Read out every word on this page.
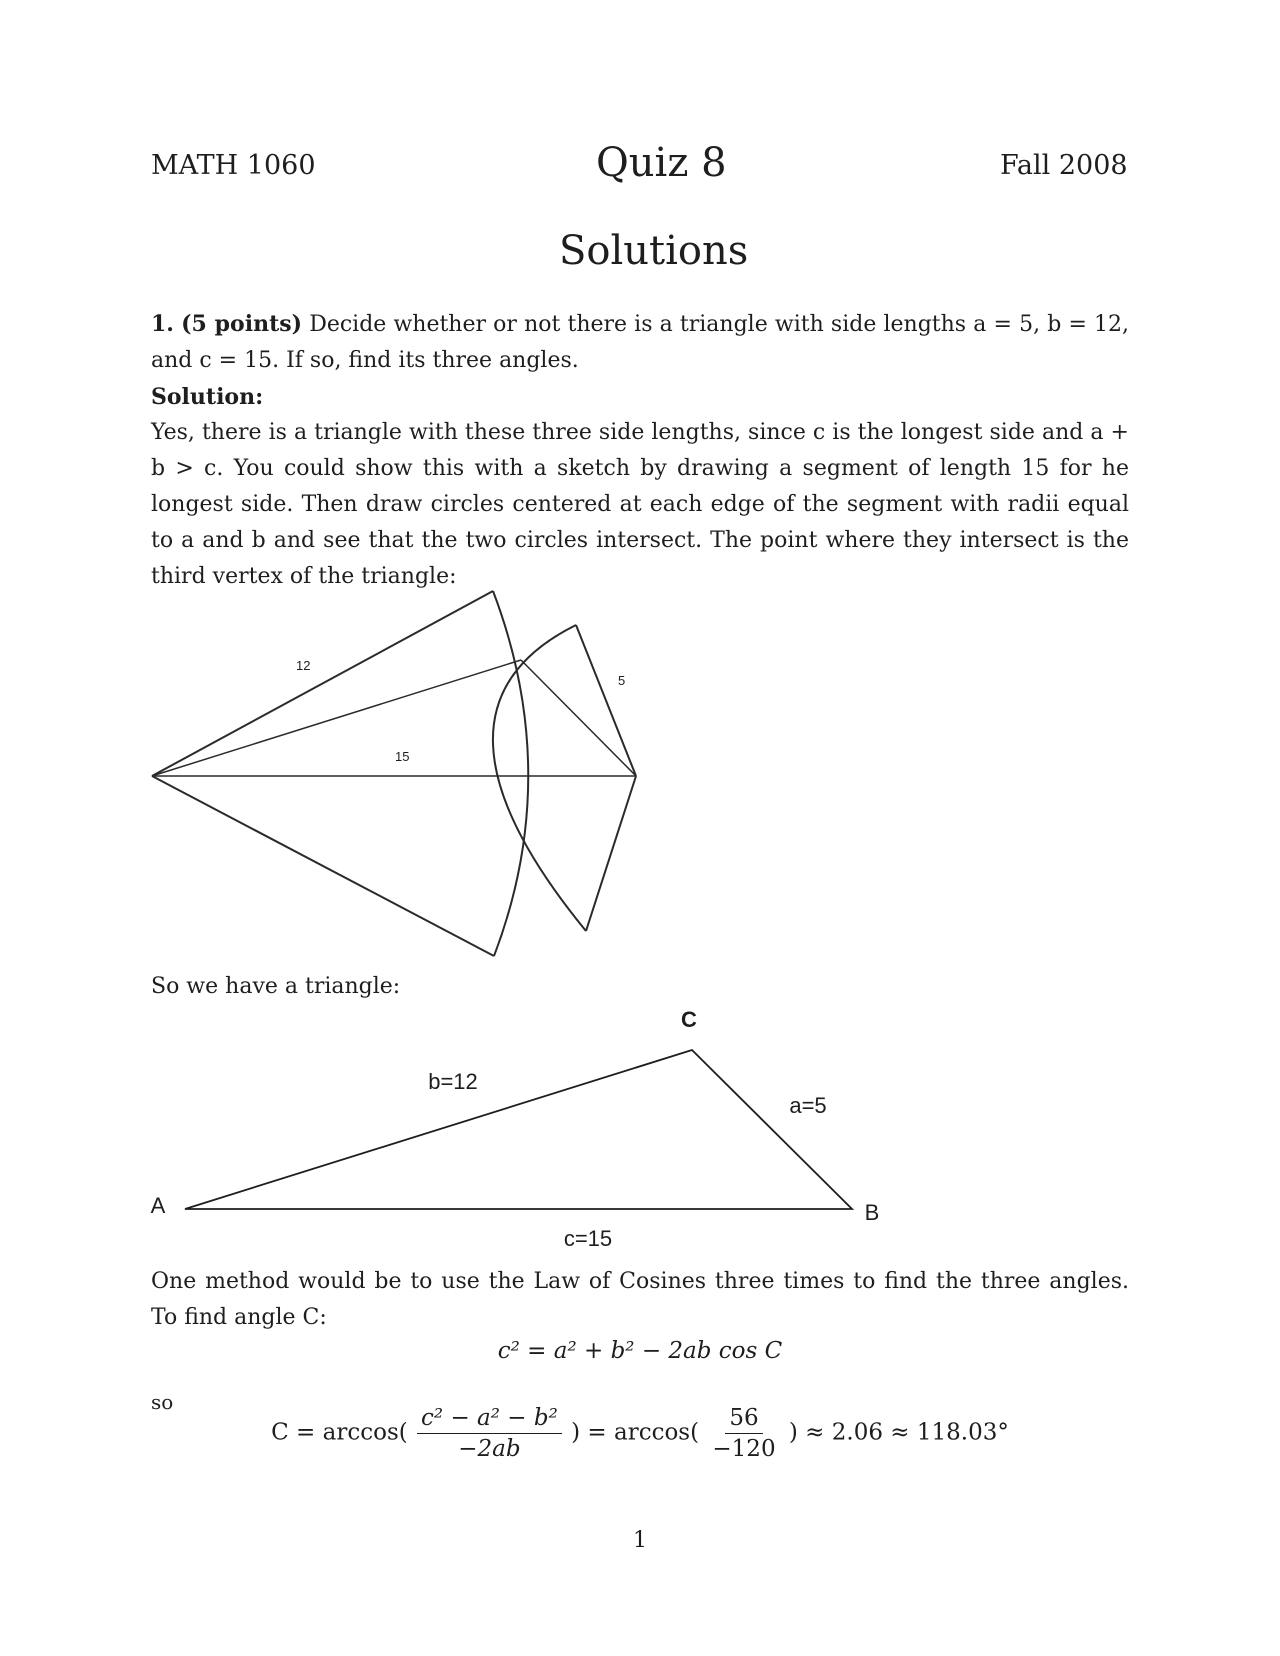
MATH 1060	Quiz 8	Fall 2008
Solutions

1. (5 points) Decide whether or not there is a triangle with side lengths a = 5, b = 12, and c = 15. If so, find its three angles.

Solution:

Yes, there is a triangle with these three side lengths, since c is the longest side and a + b > c. You could show this with a sketch by drawing a segment of length 15 for he longest side. Then draw circles centered at each edge of the segment with radii equal to a and b and see that the two circles intersect. The point where they intersect is the third vertex of the triangle:

12
15
5
So we have a triangle:
C
A	B
b=12
a=5
c=15
One method would be to use the Law of Cosines three times to find the three angles. To find angle C:
c² = a² + b² − 2ab cos C
so
$C = \arccos( \frac{\text{c² − a² − b²}}{-2ab}$ ) = $\arccos( \frac{56}{-120}$ ) ≈ 2.06 ≈ 118.03°
1
